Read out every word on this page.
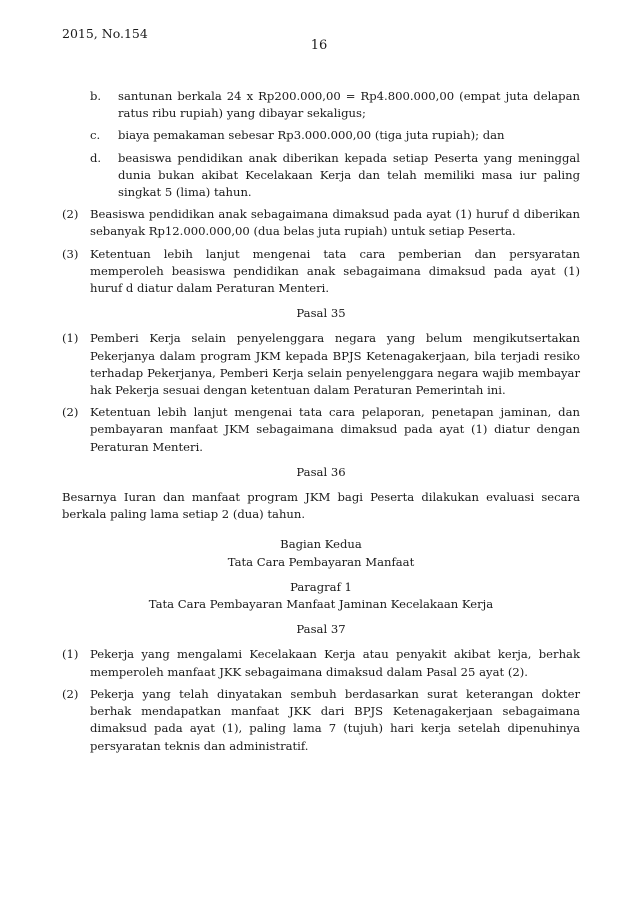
2015, No.154
16
b.	santunan berkala 24 x Rp200.000,00 = Rp4.800.000,00 (empat juta delapan ratus ribu rupiah) yang dibayar sekaligus;
c.	biaya pemakaman sebesar Rp3.000.000,00 (tiga juta rupiah); dan
d.	beasiswa pendidikan anak diberikan kepada setiap Peserta yang meninggal dunia bukan akibat Kecelakaan Kerja dan telah memiliki masa iur paling singkat 5 (lima) tahun.
(2) Beasiswa pendidikan anak sebagaimana dimaksud pada ayat (1) huruf d diberikan sebanyak Rp12.000.000,00 (dua belas juta rupiah) untuk setiap Peserta.
(3) Ketentuan lebih lanjut mengenai tata cara pemberian dan persyaratan memperoleh beasiswa pendidikan anak sebagaimana dimaksud pada ayat (1) huruf d diatur dalam Peraturan Menteri.
Pasal 35
(1) Pemberi Kerja selain penyelenggara negara yang belum mengikutsertakan Pekerjanya dalam program JKM kepada BPJS Ketenagakerjaan, bila terjadi resiko terhadap Pekerjanya, Pemberi Kerja selain penyelenggara negara wajib membayar hak Pekerja sesuai dengan ketentuan dalam Peraturan Pemerintah ini.
(2) Ketentuan lebih lanjut mengenai tata cara pelaporan, penetapan jaminan, dan pembayaran manfaat JKM sebagaimana dimaksud pada ayat (1) diatur dengan Peraturan Menteri.
Pasal 36
Besarnya Iuran dan manfaat program JKM bagi Peserta dilakukan evaluasi secara berkala paling lama setiap 2 (dua) tahun.
Bagian Kedua
Tata Cara Pembayaran Manfaat
Paragraf 1
Tata Cara Pembayaran Manfaat Jaminan Kecelakaan Kerja
Pasal 37
(1) Pekerja yang mengalami Kecelakaan Kerja atau penyakit akibat kerja, berhak memperoleh manfaat JKK sebagaimana dimaksud dalam Pasal 25 ayat (2).
(2) Pekerja yang telah dinyatakan sembuh berdasarkan surat keterangan dokter berhak mendapatkan manfaat JKK dari BPJS Ketenagakerjaan sebagaimana dimaksud pada ayat (1), paling lama 7 (tujuh) hari kerja setelah dipenuhinya persyaratan teknis dan administratif.
